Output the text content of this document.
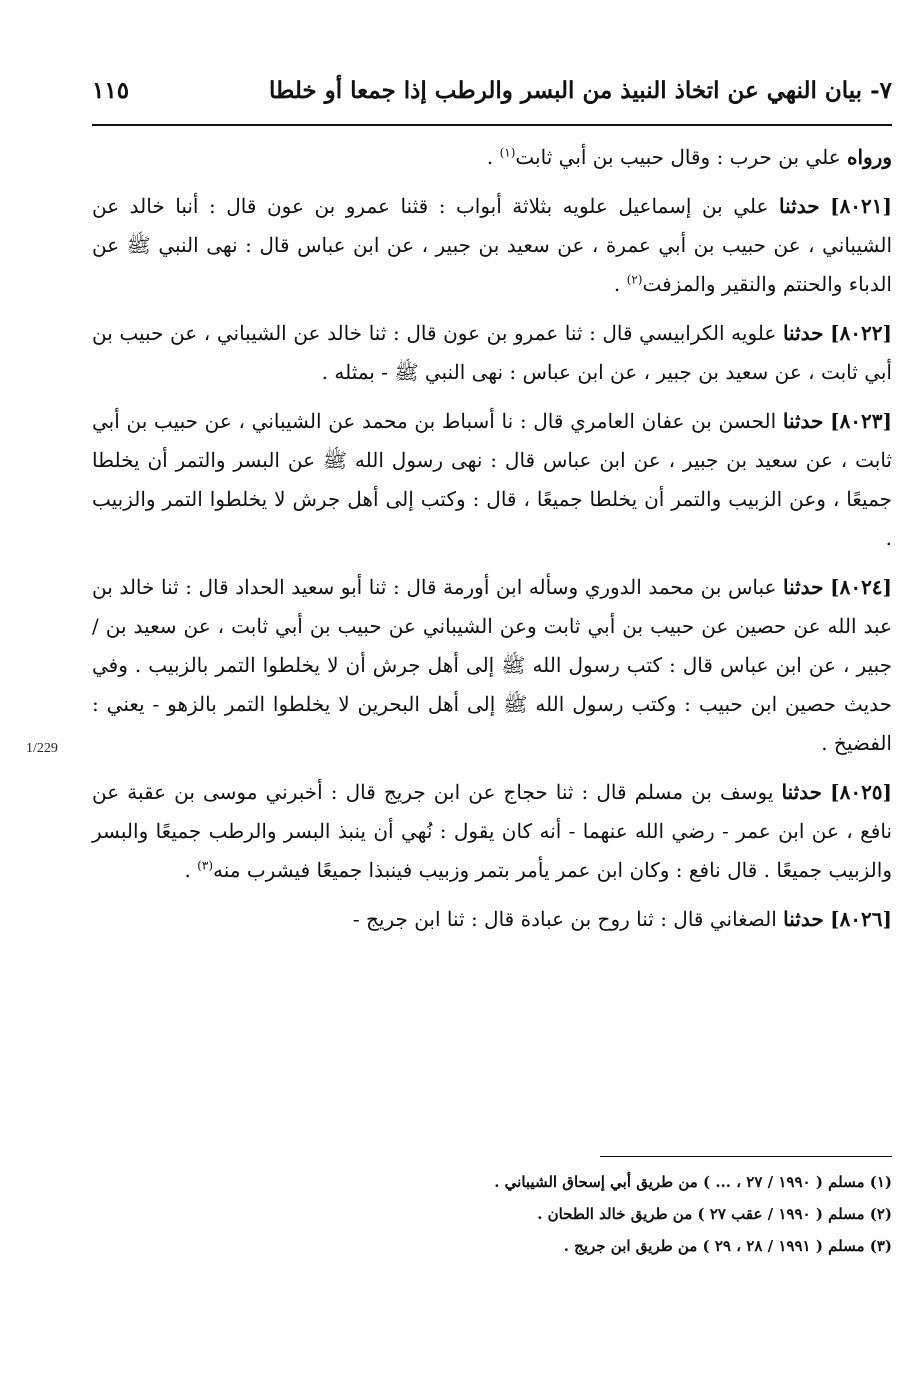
٧- بيان النهي عن اتخاذ النبيذ من البسر والرطب إذا جمعا أو خلطا
١١٥
1/229

ورواه علي بن حرب : وقال حبيب بن أبي ثابت$^{(١)}$ .

[٨٠٢١] حدثنا علي بن إسماعيل علويه بثلاثة أبواب : قثنا عمرو بن عون قال : أنبا خالد عن الشيباني ، عن حبيب بن أبي عمرة ، عن سعيد بن جبير ، عن ابن عباس قال : نهى النبي ﷺ عن الدباء والحنتم والنقير والمزفت$^{(٢)}$ .

[٨٠٢٢] حدثنا علويه الكرابيسي قال : ثنا عمرو بن عون قال : ثنا خالد عن الشيباني ، عن حبيب بن أبي ثابت ، عن سعيد بن جبير ، عن ابن عباس : نهى النبي ﷺ - بمثله .

[٨٠٢٣] حدثنا الحسن بن عفان العامري قال : نا أسباط بن محمد عن الشيباني ، عن حبيب بن أبي ثابت ، عن سعيد بن جبير ، عن ابن عباس قال : نهى رسول الله ﷺ عن البسر والتمر أن يخلطا جميعًا ، وعن الزبيب والتمر أن يخلطا جميعًا ، قال : وكتب إلى أهل جرش لا يخلطوا التمر والزبيب .

[٨٠٢٤] حدثنا عباس بن محمد الدوري وسأله ابن أورمة قال : ثنا أبو سعيد الحداد قال : ثنا خالد بن عبد الله عن حصين عن حبيب بن أبي ثابت وعن الشيباني عن حبيب بن أبي ثابت ، عن سعيد بن / جبير ، عن ابن عباس قال : كتب رسول الله ﷺ إلى أهل جرش أن لا يخلطوا التمر بالزبيب . وفي حديث حصين ابن حبيب : وكتب رسول الله ﷺ إلى أهل البحرين لا يخلطوا التمر بالزهو - يعني : الفضيخ .

[٨٠٢٥] حدثنا يوسف بن مسلم قال : ثنا حجاج عن ابن جريج قال : أخبرني موسى بن عقبة عن نافع ، عن ابن عمر - رضي الله عنهما - أنه كان يقول : نُهي أن ينبذ البسر والرطب جميعًا والبسر والزبيب جميعًا . قال نافع : وكان ابن عمر يأمر بتمر وزبيب فينبذا جميعًا فيشرب منه$^{(٣)}$ .

[٨٠٢٦] حدثنا الصغاني قال : ثنا روح بن عبادة قال : ثنا ابن جريج -

(١) مسلم ( ١٩٩٠ / ٢٧ ، ... ) من طريق أبي إسحاق الشيباني .

(٢) مسلم ( ١٩٩٠ / عقب ٢٧ ) من طريق خالد الطحان .

(٣) مسلم ( ١٩٩١ / ٢٨ ، ٢٩ ) من طريق ابن جريج .
